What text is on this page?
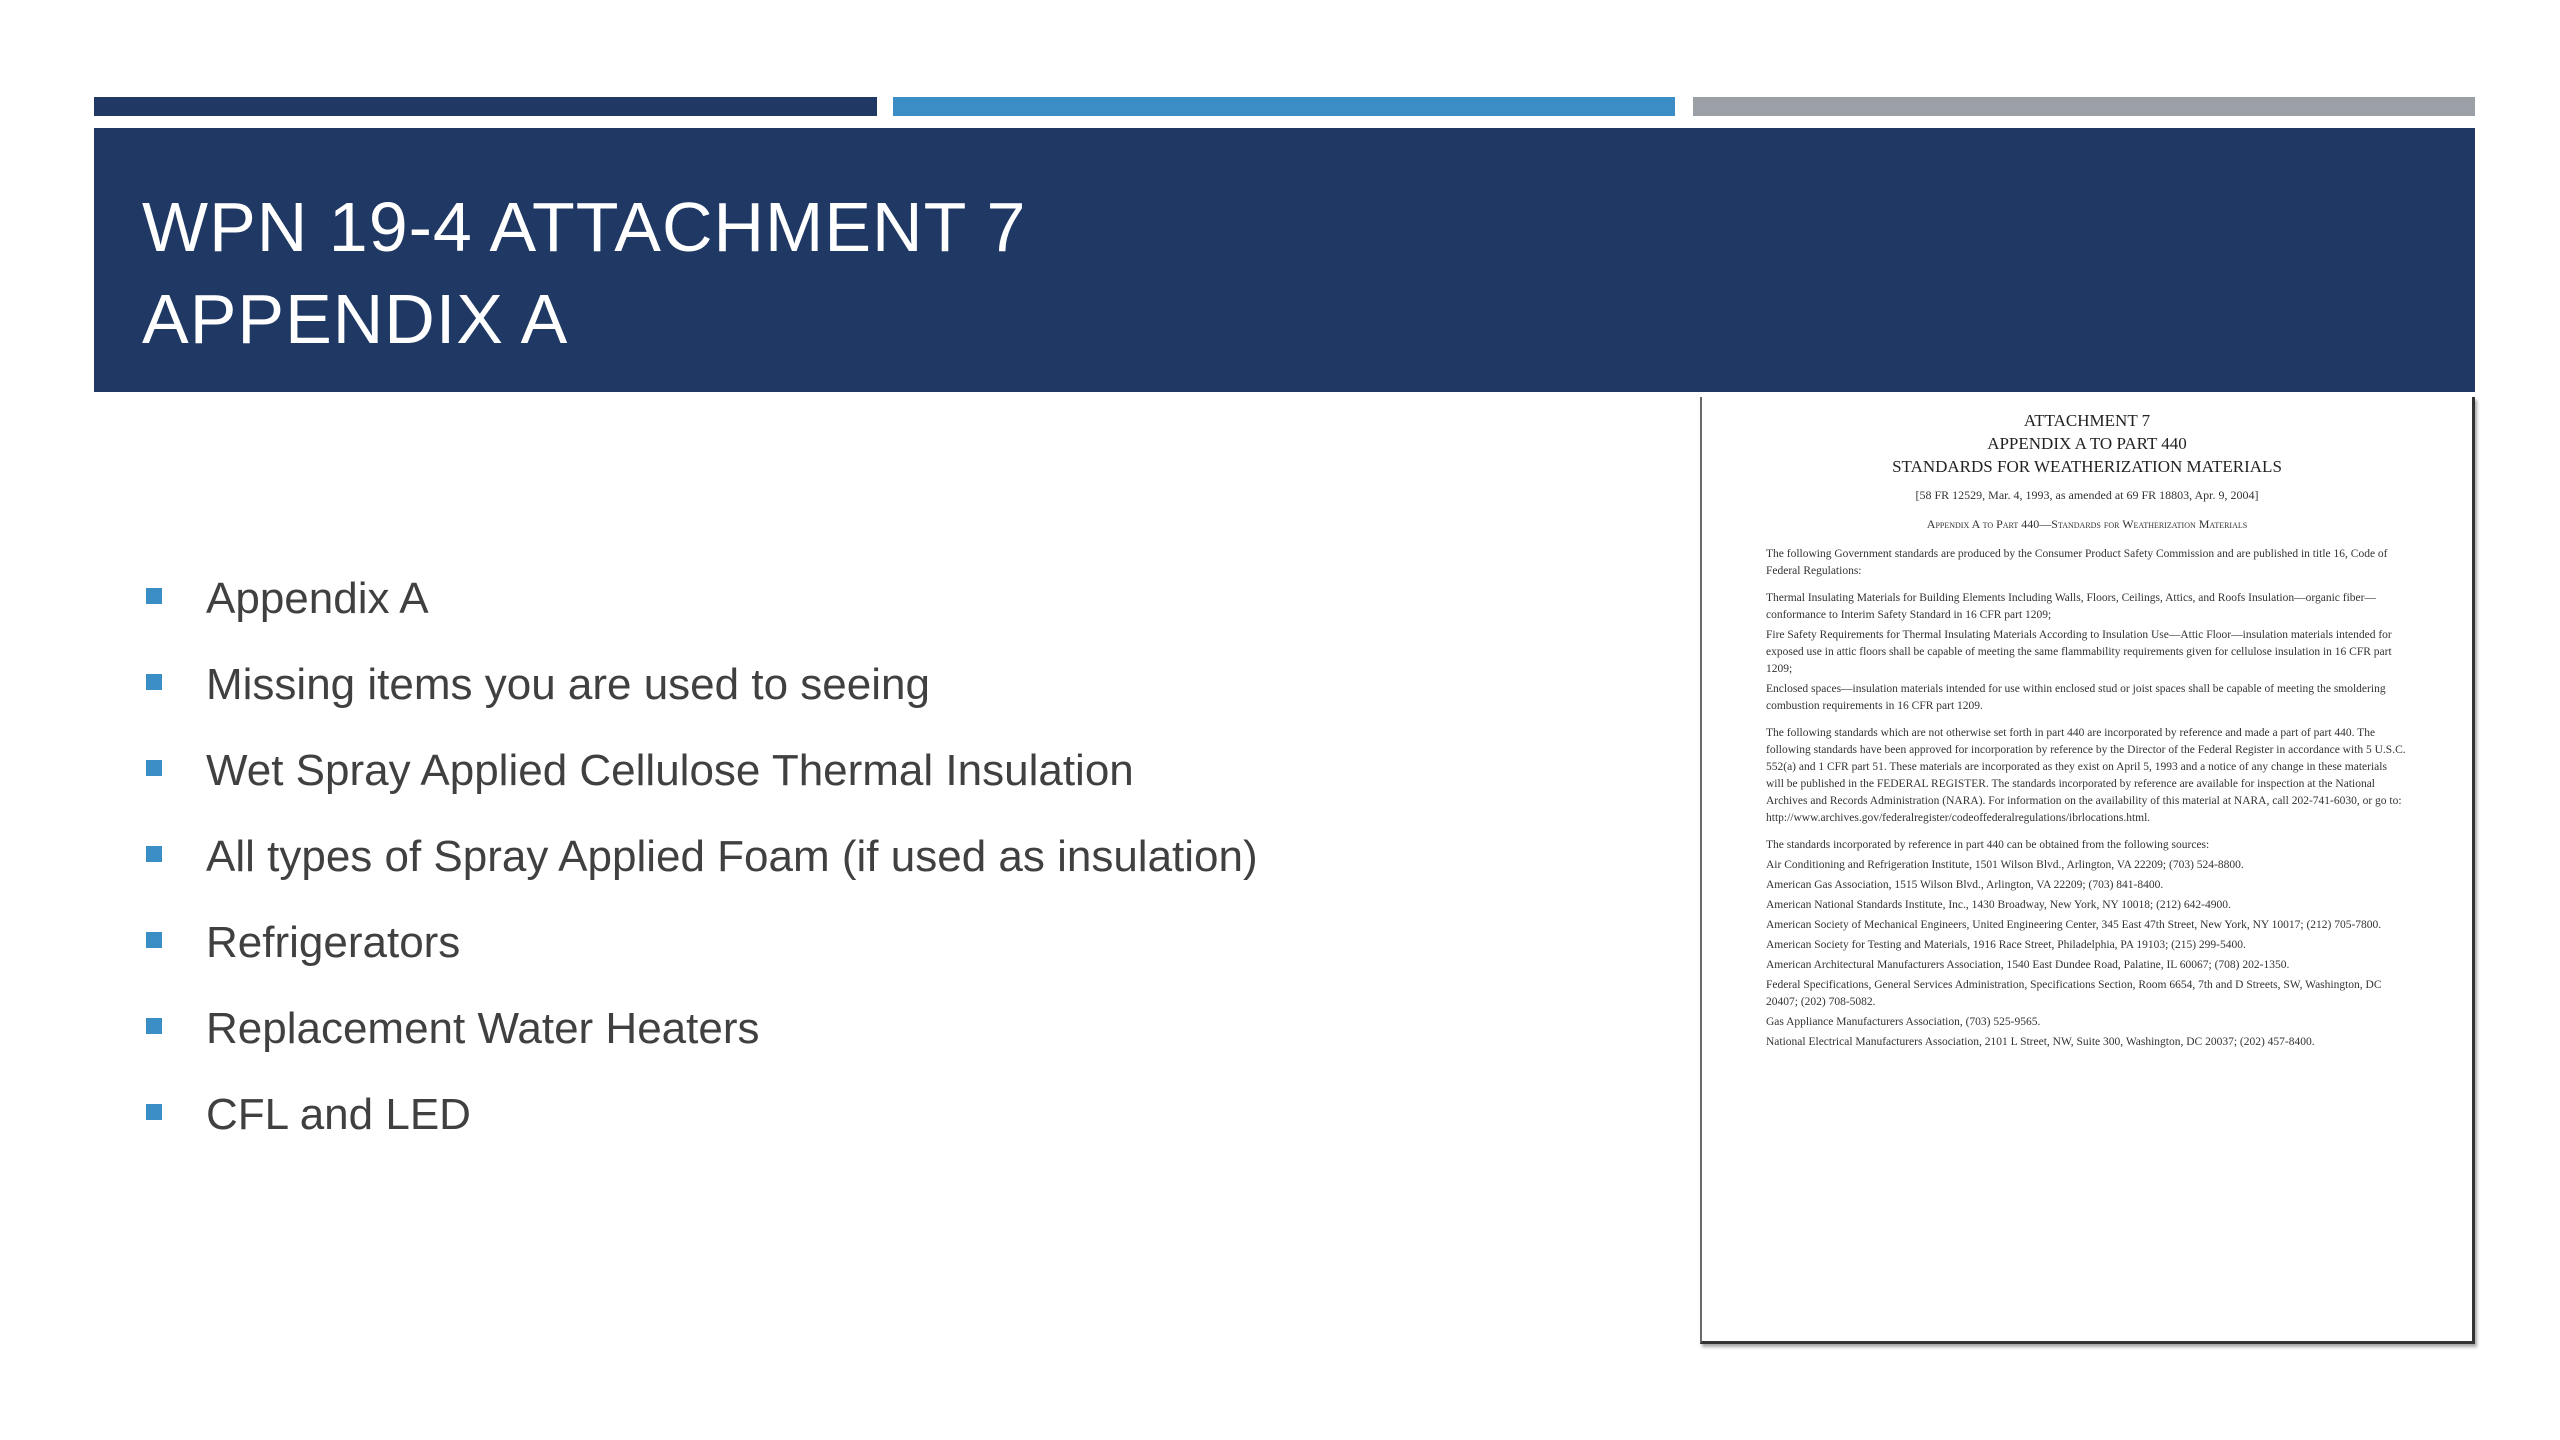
WPN 19-4 ATTACHMENT 7
APPENDIX A
Appendix A
Missing items you are used to seeing
Wet Spray Applied Cellulose Thermal Insulation
All types of Spray Applied Foam (if used as insulation)
Refrigerators
Replacement Water Heaters
CFL and LED
ATTACHMENT 7
APPENDIX A TO PART 440
STANDARDS FOR WEATHERIZATION MATERIALS
[58 FR 12529, Mar. 4, 1993, as amended at 69 FR 18803, Apr. 9, 2004]
Appendix A to Part 440—Standards for Weatherization Materials

The following Government standards are produced by the Consumer Product Safety Commission and are published in title 16, Code of Federal Regulations:

Thermal Insulating Materials for Building Elements Including Walls, Floors, Ceilings, Attics, and Roofs Insulation—organic fiber— conformance to Interim Safety Standard in 16 CFR part 1209;

Fire Safety Requirements for Thermal Insulating Materials According to Insulation Use—Attic Floor—insulation materials intended for exposed use in attic floors shall be capable of meeting the same flammability requirements given for cellulose insulation in 16 CFR part 1209;

Enclosed spaces—insulation materials intended for use within enclosed stud or joist spaces shall be capable of meeting the smoldering combustion requirements in 16 CFR part 1209.

The following standards which are not otherwise set forth in part 440 are incorporated by reference and made a part of part 440. The following standards have been approved for incorporation by reference by the Director of the Federal Register in accordance with 5 U.S.C. 552(a) and 1 CFR part 51. These materials are incorporated as they exist on April 5, 1993 and a notice of any change in these materials will be published in the FEDERAL REGISTER. The standards incorporated by reference are available for inspection at the National Archives and Records Administration (NARA). For information on the availability of this material at NARA, call 202-741-6030, or go to: http://www.archives.gov/federalregister/codeoffederalregulations/ibrlocations.html.

The standards incorporated by reference in part 440 can be obtained from the following sources:

Air Conditioning and Refrigeration Institute, 1501 Wilson Blvd., Arlington, VA 22209; (703) 524-8800.

American Gas Association, 1515 Wilson Blvd., Arlington, VA 22209; (703) 841-8400.

American National Standards Institute, Inc., 1430 Broadway, New York, NY 10018; (212) 642-4900.

American Society of Mechanical Engineers, United Engineering Center, 345 East 47th Street, New York, NY 10017; (212) 705-7800.

American Society for Testing and Materials, 1916 Race Street, Philadelphia, PA 19103; (215) 299-5400.

American Architectural Manufacturers Association, 1540 East Dundee Road, Palatine, IL 60067; (708) 202-1350.

Federal Specifications, General Services Administration, Specifications Section, Room 6654, 7th and D Streets, SW, Washington, DC 20407; (202) 708-5082.

Gas Appliance Manufacturers Association, (703) 525-9565.

National Electrical Manufacturers Association, 2101 L Street, NW, Suite 300, Washington, DC 20037; (202) 457-8400.
